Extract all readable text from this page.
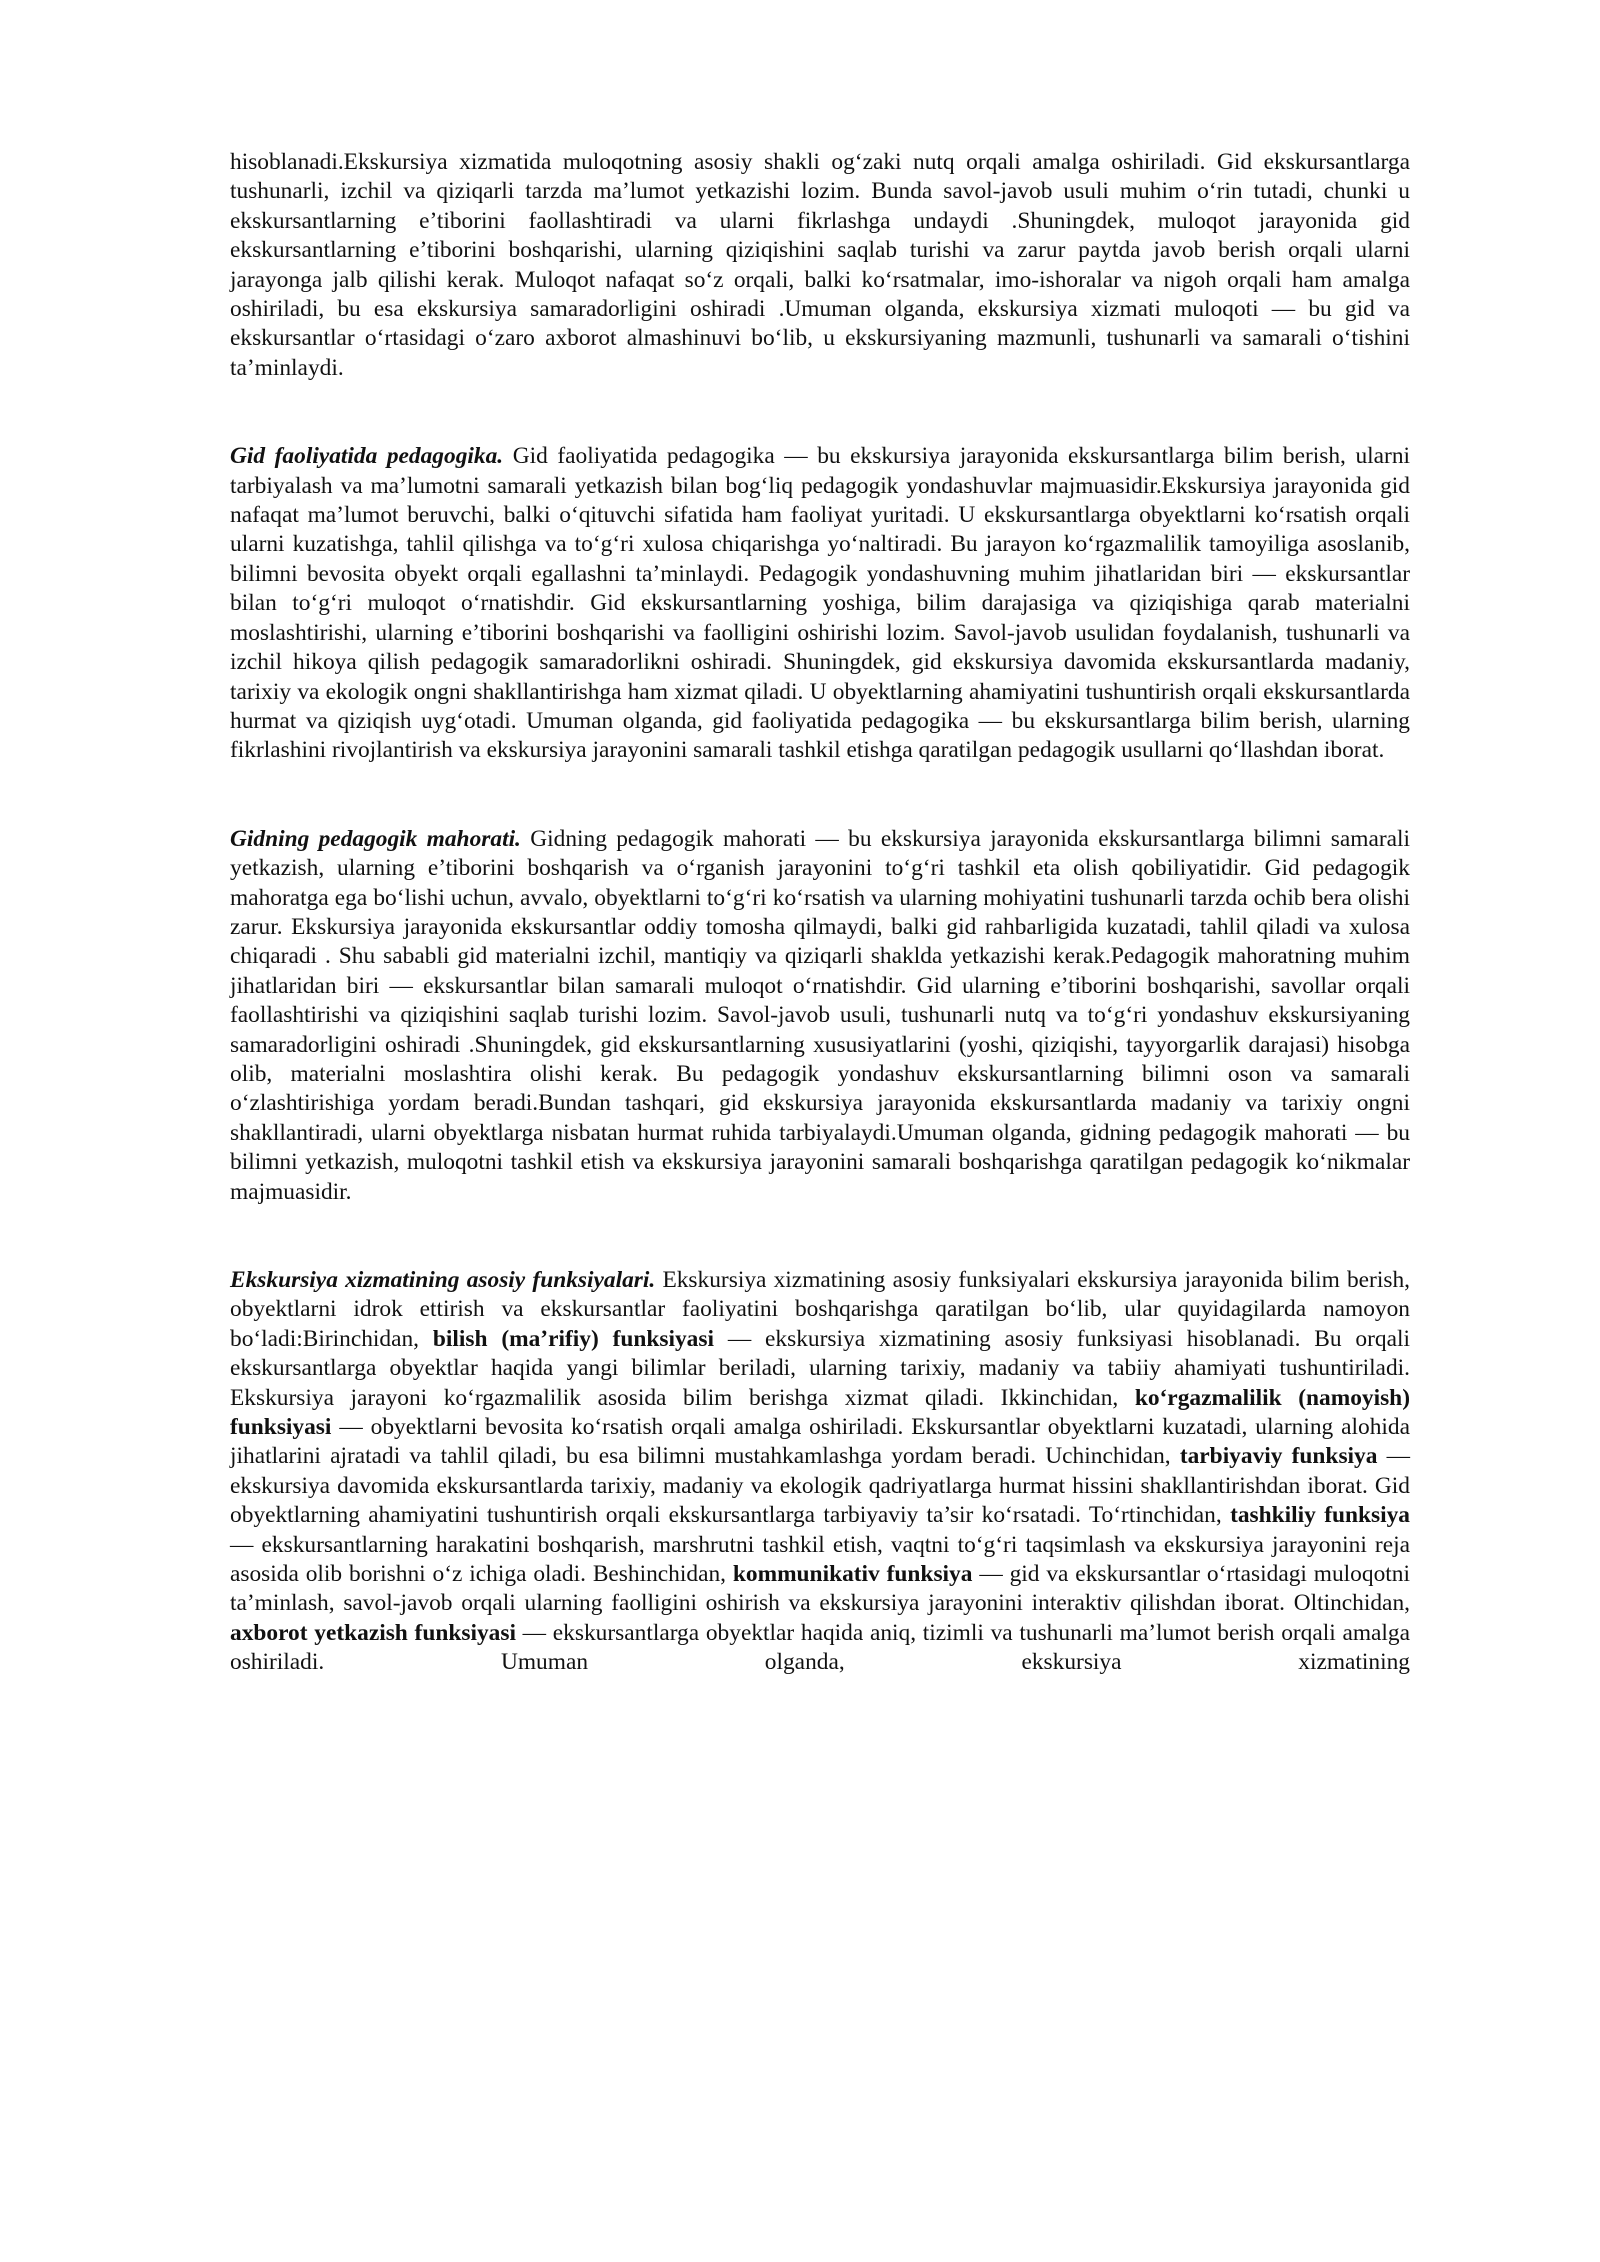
hisoblanadi.Ekskursiya xizmatida muloqotning asosiy shakli og‘zaki nutq orqali amalga oshiriladi. Gid ekskursantlarga tushunarli, izchil va qiziqarli tarzda ma’lumot yetkazishi lozim. Bunda savol-javob usuli muhim o‘rin tutadi, chunki u ekskursantlarning e’tiborini faollashtiradi va ularni fikrlashga undaydi .Shuningdek, muloqot jarayonida gid ekskursantlarning e’tiborini boshqarishi, ularning qiziqishini saqlab turishi va zarur paytda javob berish orqali ularni jarayonga jalb qilishi kerak. Muloqot nafaqat so‘z orqali, balki ko‘rsatmalar, imo-ishoralar va nigoh orqali ham amalga oshiriladi, bu esa ekskursiya samaradorligini oshiradi .Umuman olganda, ekskursiya xizmati muloqoti — bu gid va ekskursantlar o‘rtasidagi o‘zaro axborot almashinuvi bo‘lib, u ekskursiyaning mazmunli, tushunarli va samarali o‘tishini ta’minlaydi.

Gid faoliyatida pedagogika. Gid faoliyatida pedagogika — bu ekskursiya jarayonida ekskursantlarga bilim berish, ularni tarbiyalash va ma’lumotni samarali yetkazish bilan bog‘liq pedagogik yondashuvlar majmuasidir.Ekskursiya jarayonida gid nafaqat ma’lumot beruvchi, balki o‘qituvchi sifatida ham faoliyat yuritadi. U ekskursantlarga obyektlarni ko‘rsatish orqali ularni kuzatishga, tahlil qilishga va to‘g‘ri xulosa chiqarishga yo‘naltiradi. Bu jarayon ko‘rgazmalilik tamoyiliga asoslanib, bilimni bevosita obyekt orqali egallashni ta’minlaydi. Pedagogik yondashuvning muhim jihatlaridan biri — ekskursantlar bilan to‘g‘ri muloqot o‘rnatishdir. Gid ekskursantlarning yoshiga, bilim darajasiga va qiziqishiga qarab materialni moslashtirishi, ularning e’tiborini boshqarishi va faolligini oshirishi lozim. Savol-javob usulidan foydalanish, tushunarli va izchil hikoya qilish pedagogik samaradorlikni oshiradi. Shuningdek, gid ekskursiya davomida ekskursantlarda madaniy, tarixiy va ekologik ongni shakllantirishga ham xizmat qiladi. U obyektlarning ahamiyatini tushuntirish orqali ekskursantlarda hurmat va qiziqish uyg‘otadi. Umuman olganda, gid faoliyatida pedagogika — bu ekskursantlarga bilim berish, ularning fikrlashini rivojlantirish va ekskursiya jarayonini samarali tashkil etishga qaratilgan pedagogik usullarni qo‘llashdan iborat.

Gidning pedagogik mahorati. Gidning pedagogik mahorati — bu ekskursiya jarayonida ekskursantlarga bilimni samarali yetkazish, ularning e’tiborini boshqarish va o‘rganish jarayonini to‘g‘ri tashkil eta olish qobiliyatidir. Gid pedagogik mahoratga ega bo‘lishi uchun, avvalo, obyektlarni to‘g‘ri ko‘rsatish va ularning mohiyatini tushunarli tarzda ochib bera olishi zarur. Ekskursiya jarayonida ekskursantlar oddiy tomosha qilmaydi, balki gid rahbarligida kuzatadi, tahlil qiladi va xulosa chiqaradi . Shu sababli gid materialni izchil, mantiqiy va qiziqarli shaklda yetkazishi kerak.Pedagogik mahoratning muhim jihatlaridan biri — ekskursantlar bilan samarali muloqot o‘rnatishdir. Gid ularning e’tiborini boshqarishi, savollar orqali faollashtirishi va qiziqishini saqlab turishi lozim. Savol-javob usuli, tushunarli nutq va to‘g‘ri yondashuv ekskursiyaning samaradorligini oshiradi .Shuningdek, gid ekskursantlarning xususiyatlarini (yoshi, qiziqishi, tayyorgarlik darajasi) hisobga olib, materialni moslashtira olishi kerak. Bu pedagogik yondashuv ekskursantlarning bilimni oson va samarali o‘zlashtirishiga yordam beradi.Bundan tashqari, gid ekskursiya jarayonida ekskursantlarda madaniy va tarixiy ongni shakllantiradi, ularni obyektlarga nisbatan hurmat ruhida tarbiyalaydi.Umuman olganda, gidning pedagogik mahorati — bu bilimni yetkazish, muloqotni tashkil etish va ekskursiya jarayonini samarali boshqarishga qaratilgan pedagogik ko‘nikmalar majmuasidir.

Ekskursiya xizmatining asosiy funksiyalari. Ekskursiya xizmatining asosiy funksiyalari ekskursiya jarayonida bilim berish, obyektlarni idrok ettirish va ekskursantlar faoliyatini boshqarishga qaratilgan bo‘lib, ular quyidagilarda namoyon bo‘ladi:Birinchidan, bilish (ma’rifiy) funksiyasi — ekskursiya xizmatining asosiy funksiyasi hisoblanadi. Bu orqali ekskursantlarga obyektlar haqida yangi bilimlar beriladi, ularning tarixiy, madaniy va tabiiy ahamiyati tushuntiriladi. Ekskursiya jarayoni ko‘rgazmalilik asosida bilim berishga xizmat qiladi. Ikkinchidan, ko‘rgazmalilik (namoyish) funksiyasi — obyektlarni bevosita ko‘rsatish orqali amalga oshiriladi. Ekskursantlar obyektlarni kuzatadi, ularning alohida jihatlarini ajratadi va tahlil qiladi, bu esa bilimni mustahkamlashga yordam beradi. Uchinchidan, tarbiyaviy funksiya — ekskursiya davomida ekskursantlarda tarixiy, madaniy va ekologik qadriyatlarga hurmat hissini shakllantirishdan iborat. Gid obyektlarning ahamiyatini tushuntirish orqali ekskursantlarga tarbiyaviy ta’sir ko‘rsatadi. To‘rtinchidan, tashkiliy funksiya — ekskursantlarning harakatini boshqarish, marshrutni tashkil etish, vaqtni to‘g‘ri taqsimlash va ekskursiya jarayonini reja asosida olib borishni o‘z ichiga oladi. Beshinchidan, kommunikativ funksiya — gid va ekskursantlar o‘rtasidagi muloqotni ta’minlash, savol-javob orqali ularning faolligini oshirish va ekskursiya jarayonini interaktiv qilishdan iborat. Oltinchidan, axborot yetkazish funksiyasi — ekskursantlarga obyektlar haqida aniq, tizimli va tushunarli ma’lumot berish orqali amalga oshiriladi. Umuman olganda, ekskursiya xizmatining
